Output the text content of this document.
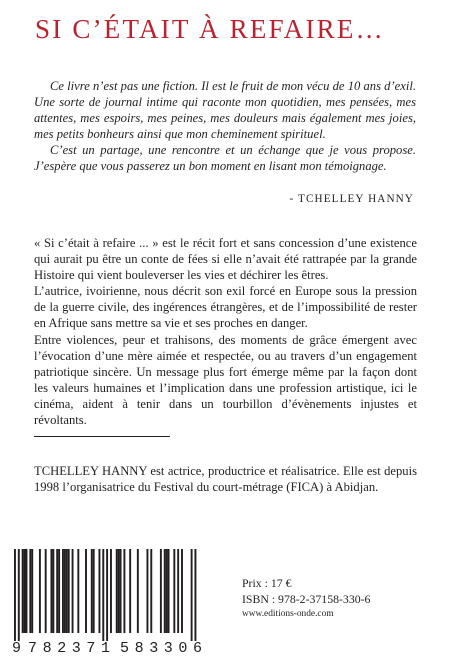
SI C’ÉTAIT À REFAIRE…

Ce livre n’est pas une fiction. Il est le fruit de mon vécu de 10 ans d’exil. Une sorte de journal intime qui raconte mon quotidien, mes pensées, mes attentes, mes espoirs, mes peines, mes douleurs mais également mes joies, mes petits bonheurs ainsi que mon cheminement spirituel.

C’est un partage, une rencontre et un échange que je vous propose. J’espère que vous passerez un bon moment en lisant mon témoignage.

- TCHELLEY HANNY

« Si c’était à refaire ... » est le récit fort et sans concession d’une existence qui aurait pu être un conte de fées si elle n’avait été rattrapée par la grande Histoire qui vient bouleverser les vies et déchirer les êtres.

L’autrice, ivoirienne, nous décrit son exil forcé en Europe sous la pression de la guerre civile, des ingérences étrangères, et de l’impossibilité de rester en Afrique sans mettre sa vie et ses proches en danger.

Entre violences, peur et trahisons, des moments de grâce émergent avec l’évocation d’une mère aimée et respectée, ou au travers d’un engagement patriotique sincère. Un message plus fort émerge même par la façon dont les valeurs humaines et l’implication dans une profession artistique, ici le cinéma, aident à tenir dans un tourbillon d’évènements injustes et révoltants.

TCHELLEY HANNY est actrice, productrice et réalisatrice. Elle est depuis 1998 l’organisatrice du Festival du court-métrage (FICA) à Abidjan.
9 782371 583306
Prix : 17 €
ISBN : 978-2-37158-330-6
www.editions-onde.com
